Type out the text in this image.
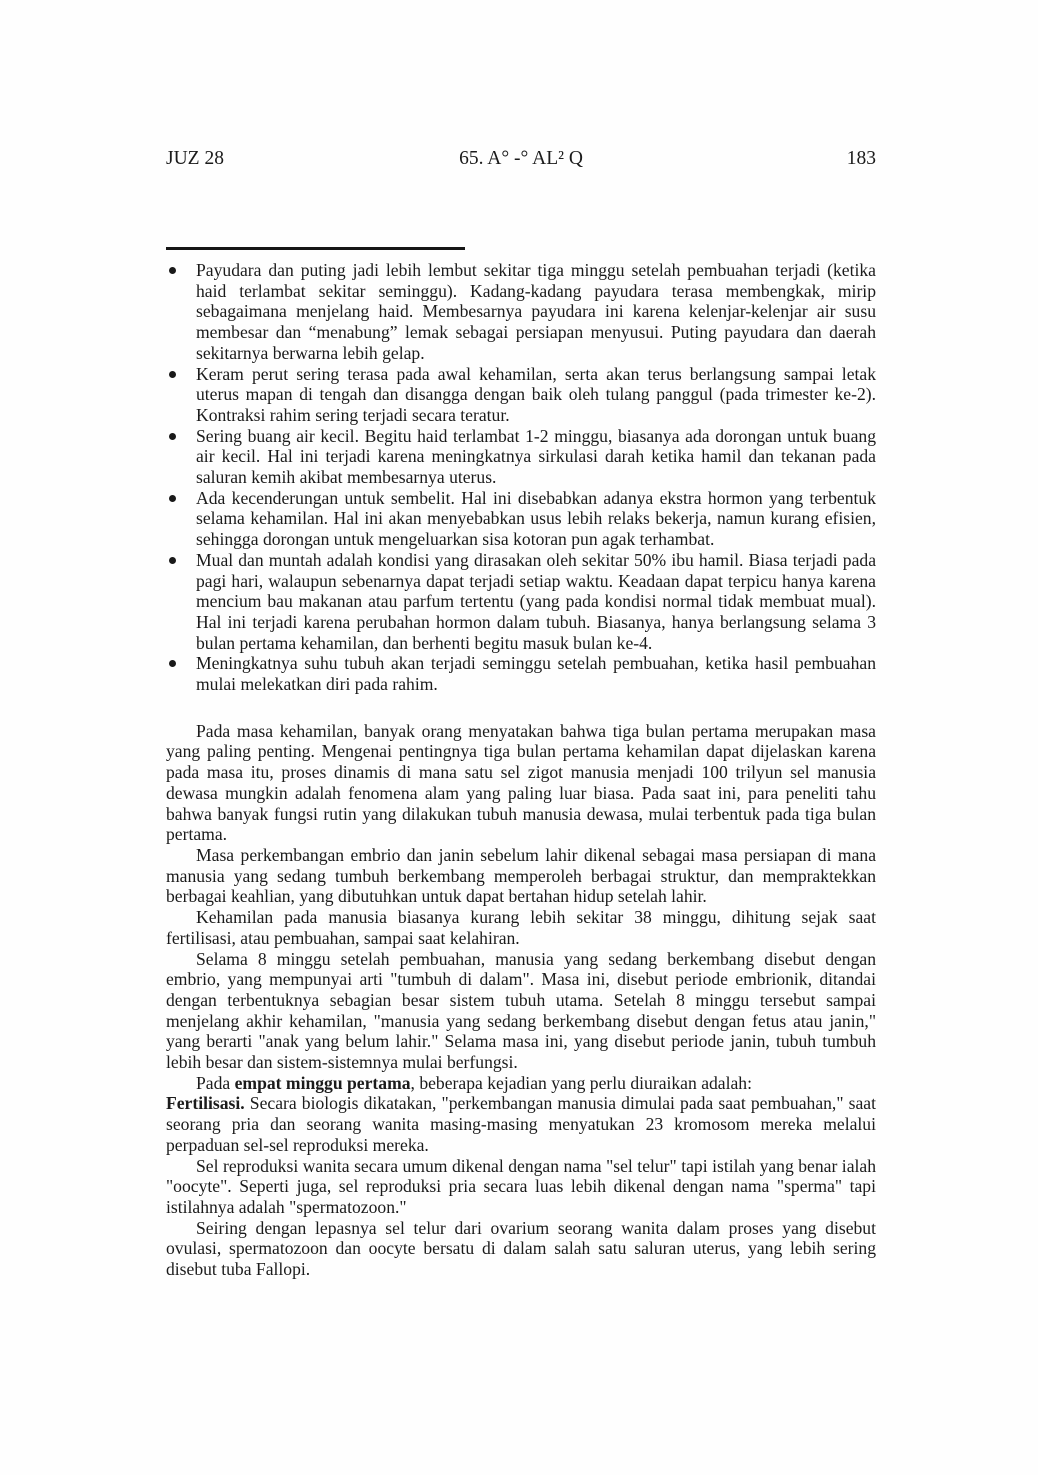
JUZ 28	65. A° -° AL² Q	183
Payudara dan puting jadi lebih lembut sekitar tiga minggu setelah pembuahan terjadi (ketika haid terlambat sekitar seminggu). Kadang-kadang payudara terasa membengkak, mirip sebagaimana menjelang haid. Membesarnya payudara ini karena kelenjar-kelenjar air susu membesar dan “menabung” lemak sebagai persiapan menyusui. Puting payudara dan daerah sekitarnya berwarna lebih gelap.
Keram perut sering terasa pada awal kehamilan, serta akan terus berlangsung sampai letak uterus mapan di tengah dan disangga dengan baik oleh tulang panggul (pada trimester ke-2). Kontraksi rahim sering terjadi secara teratur.
Sering buang air kecil. Begitu haid terlambat 1-2 minggu, biasanya ada dorongan untuk buang air kecil. Hal ini terjadi karena meningkatnya sirkulasi darah ketika hamil dan tekanan pada saluran kemih akibat membesarnya uterus.
Ada kecenderungan untuk sembelit. Hal ini disebabkan adanya ekstra hormon yang terbentuk selama kehamilan. Hal ini akan menyebabkan usus lebih relaks bekerja, namun kurang efisien, sehingga dorongan untuk mengeluarkan sisa kotoran pun agak terhambat.
Mual dan muntah adalah kondisi yang dirasakan oleh sekitar 50% ibu hamil. Biasa terjadi pada pagi hari, walaupun sebenarnya dapat terjadi setiap waktu. Keadaan dapat terpicu hanya karena mencium bau makanan atau parfum tertentu (yang pada kondisi normal tidak membuat mual). Hal ini terjadi karena perubahan hormon dalam tubuh. Biasanya, hanya berlangsung selama 3 bulan pertama kehamilan, dan berhenti begitu masuk bulan ke-4.
Meningkatnya suhu tubuh akan terjadi seminggu setelah pembuahan, ketika hasil pembuahan mulai melekatkan diri pada rahim.

Pada masa kehamilan, banyak orang menyatakan bahwa tiga bulan pertama merupakan masa yang paling penting. Mengenai pentingnya tiga bulan pertama kehamilan dapat dijelaskan karena pada masa itu, proses dinamis di mana satu sel zigot manusia menjadi 100 trilyun sel manusia dewasa mungkin adalah fenomena alam yang paling luar biasa. Pada saat ini, para peneliti tahu bahwa banyak fungsi rutin yang dilakukan tubuh manusia dewasa, mulai terbentuk pada tiga bulan pertama.

Masa perkembangan embrio dan janin sebelum lahir dikenal sebagai masa persiapan di mana manusia yang sedang tumbuh berkembang memperoleh berbagai struktur, dan mempraktekkan berbagai keahlian, yang dibutuhkan untuk dapat bertahan hidup setelah lahir.

Kehamilan pada manusia biasanya kurang lebih sekitar 38 minggu, dihitung sejak saat fertilisasi, atau pembuahan, sampai saat kelahiran.

Selama 8 minggu setelah pembuahan, manusia yang sedang berkembang disebut dengan embrio, yang mempunyai arti "tumbuh di dalam". Masa ini, disebut periode embrionik, ditandai dengan terbentuknya sebagian besar sistem tubuh utama. Setelah 8 minggu tersebut sampai menjelang akhir kehamilan, "manusia yang sedang berkembang disebut dengan fetus atau janin," yang berarti "anak yang belum lahir." Selama masa ini, yang disebut periode janin, tubuh tumbuh lebih besar dan sistem-sistemnya mulai berfungsi.

Pada empat minggu pertama, beberapa kejadian yang perlu diuraikan adalah:

Fertilisasi. Secara biologis dikatakan, "perkembangan manusia dimulai pada saat pembuahan," saat seorang pria dan seorang wanita masing-masing menyatukan 23 kromosom mereka melalui perpaduan sel-sel reproduksi mereka.

Sel reproduksi wanita secara umum dikenal dengan nama "sel telur" tapi istilah yang benar ialah "oocyte". Seperti juga, sel reproduksi pria secara luas lebih dikenal dengan nama "sperma" tapi istilahnya adalah "spermatozoon."

Seiring dengan lepasnya sel telur dari ovarium seorang wanita dalam proses yang disebut ovulasi, spermatozoon dan oocyte bersatu di dalam salah satu saluran uterus, yang lebih sering disebut tuba Fallopi.
